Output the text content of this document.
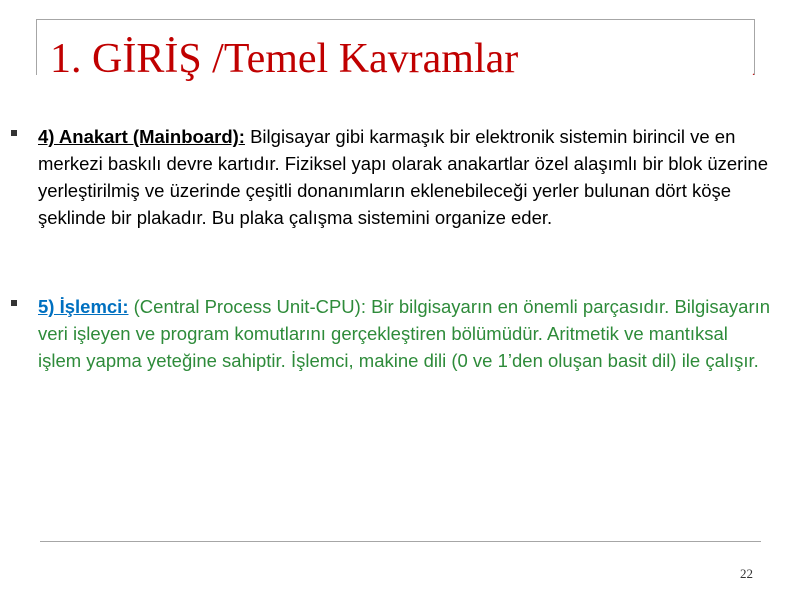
1. GİRİŞ /Temel Kavramlar	.
4) Anakart (Mainboard): Bilgisayar gibi karmaşık bir elektronik sistemin birincil ve en merkezi baskılı devre kartıdır. Fiziksel yapı olarak anakartlar özel alaşımlı bir blok üzerine yerleştirilmiş ve üzerinde çeşitli donanımların eklenebileceği yerler bulunan dört köşe şeklinde bir plakadır. Bu plaka çalışma sistemini organize eder.
5) İşlemci: (Central Process Unit-CPU): Bir bilgisayarın en önemli parçasıdır. Bilgisayarın veri işleyen ve program komutlarını gerçekleştiren bölümüdür. Aritmetik ve mantıksal işlem yapma yeteğine sahiptir. İşlemci, makine dili (0 ve 1’den oluşan basit dil) ile çalışır.
22
